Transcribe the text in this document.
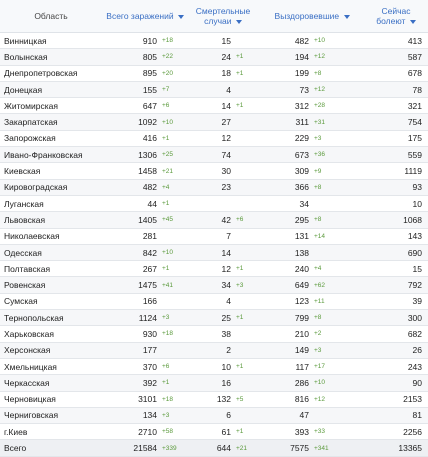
Область	Всего заражений		Смертельные случаи		Выздоровевшие		Сейчас болеют
Винницкая	910	+18	15		482	+10	413
Волынская	805	+22	24	+1	194	+12	587
Днепропетровская	895	+20	18	+1	199	+8	678
Донецкая	155	+7	4		73	+12	78
Житомирская	647	+6	14	+1	312	+28	321
Закарпатская	1092	+10	27		311	+31	754
Запорожская	416	+1	12		229	+3	175
Ивано-Франковская	1306	+25	74		673	+36	559
Киевская	1458	+21	30		309	+9	1119
Кировоградская	482	+4	23		366	+8	93
Луганская	44	+1			34		10
Львовская	1405	+45	42	+6	295	+8	1068
Николаевская	281		7		131	+14	143
Одесская	842	+10	14		138		690
Полтавская	267	+1	12	+1	240	+4	15
Ровенская	1475	+41	34	+3	649	+62	792
Сумская	166		4		123	+11	39
Тернопольская	1124	+3	25	+1	799	+8	300
Харьковская	930	+18	38		210	+2	682
Херсонская	177		2		149	+3	26
Хмельницкая	370	+6	10	+1	117	+17	243
Черкасская	392	+1	16		286	+10	90
Черновицкая	3101	+18	132	+5	816	+12	2153
Черниговская	134	+3	6		47		81
г.Киев	2710	+58	61	+1	393	+33	2256
Всего	21584	+339	644	+21	7575	+341	13365
